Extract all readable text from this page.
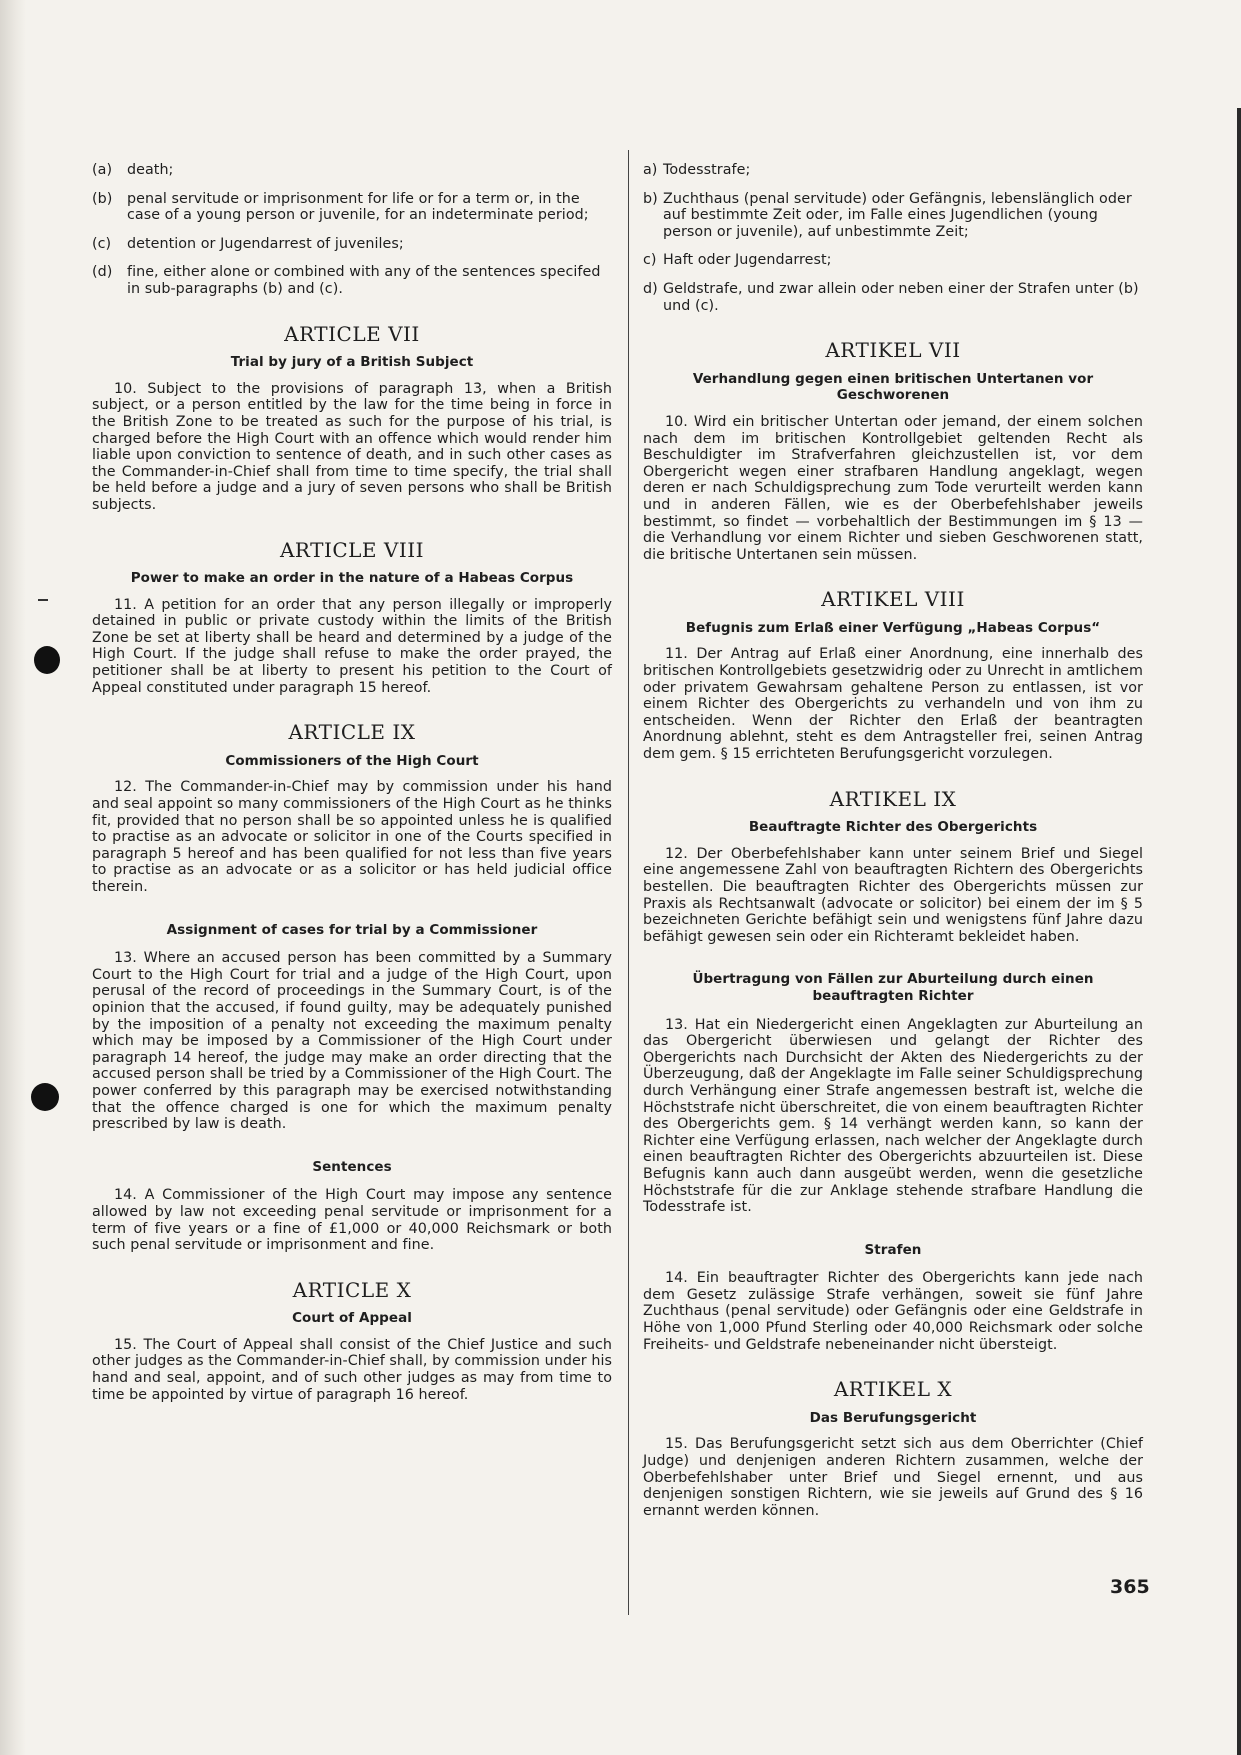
(a)	death;
(b)	penal servitude or imprisonment for life or for a term or, in the case of a young person or juvenile, for an indeterminate period;
(c)	detention or Jugendarrest of juveniles;
(d)	fine, either alone or combined with any of the sentences specifed in sub-paragraphs (b) and (c).
ARTICLE VII
Trial by jury of a British Subject

10. Subject to the provisions of paragraph 13, when a British subject, or a person entitled by the law for the time being in force in the British Zone to be treated as such for the purpose of his trial, is charged before the High Court with an offence which would render him liable upon conviction to sentence of death, and in such other cases as the Commander-in-Chief shall from time to time specify, the trial shall be held before a judge and a jury of seven persons who shall be British subjects.

ARTICLE VIII
Power to make an order in the nature of a Habeas Corpus

11. A petition for an order that any person illegally or improperly detained in public or private custody within the limits of the British Zone be set at liberty shall be heard and determined by a judge of the High Court. If the judge shall refuse to make the order prayed, the petitioner shall be at liberty to present his petition to the Court of Appeal constituted under paragraph 15 hereof.

ARTICLE IX
Commissioners of the High Court

12. The Commander-in-Chief may by commission under his hand and seal appoint so many commissioners of the High Court as he thinks fit, provided that no person shall be so appointed unless he is qualified to practise as an advocate or solicitor in one of the Courts specified in paragraph 5 hereof and has been qualified for not less than five years to practise as an advocate or as a solicitor or has held judicial office therein.

Assignment of cases for trial by a Commissioner

13. Where an accused person has been committed by a Summary Court to the High Court for trial and a judge of the High Court, upon perusal of the record of proceedings in the Summary Court, is of the opinion that the accused, if found guilty, may be adequately punished by the imposition of a penalty not exceeding the maximum penalty which may be imposed by a Commissioner of the High Court under paragraph 14 hereof, the judge may make an order directing that the accused person shall be tried by a Commissioner of the High Court. The power conferred by this paragraph may be exercised notwithstanding that the offence charged is one for which the maximum penalty prescribed by law is death.

Sentences

14. A Commissioner of the High Court may impose any sentence allowed by law not exceeding penal servitude or imprisonment for a term of five years or a fine of £1,000 or 40,000 Reichsmark or both such penal servitude or imprisonment and fine.

ARTICLE X
Court of Appeal

15. The Court of Appeal shall consist of the Chief Justice and such other judges as the Commander-in-Chief shall, by commission under his hand and seal, appoint, and of such other judges as may from time to time be appointed by virtue of paragraph 16 hereof.

a) Todesstrafe;
b) Zuchthaus (penal servitude) oder Gefängnis, lebenslänglich oder auf bestimmte Zeit oder, im Falle eines Jugendlichen (young person or juvenile), auf unbestimmte Zeit;
c) Haft oder Jugendarrest;
d) Geldstrafe, und zwar allein oder neben einer der Strafen unter (b) und (c).
ARTIKEL VII
Verhandlung gegen einen britischen Untertanen vor Geschworenen

10. Wird ein britischer Untertan oder jemand, der einem solchen nach dem im britischen Kontrollgebiet geltenden Recht als Beschuldigter im Strafverfahren gleichzustellen ist, vor dem Obergericht wegen einer strafbaren Handlung angeklagt, wegen deren er nach Schuldigsprechung zum Tode verurteilt werden kann und in anderen Fällen, wie es der Oberbefehlshaber jeweils bestimmt, so findet — vorbehaltlich der Bestimmungen im § 13 — die Verhandlung vor einem Richter und sieben Geschworenen statt, die britische Untertanen sein müssen.

ARTIKEL VIII
Befugnis zum Erlaß einer Verfügung „Habeas Corpus“

11. Der Antrag auf Erlaß einer Anordnung, eine innerhalb des britischen Kontrollgebiets gesetzwidrig oder zu Unrecht in amtlichem oder privatem Gewahrsam gehaltene Person zu entlassen, ist vor einem Richter des Obergerichts zu verhandeln und von ihm zu entscheiden. Wenn der Richter den Erlaß der beantragten Anordnung ablehnt, steht es dem Antragsteller frei, seinen Antrag dem gem. § 15 errichteten Berufungsgericht vorzulegen.

ARTIKEL IX
Beauftragte Richter des Obergerichts

12. Der Oberbefehlshaber kann unter seinem Brief und Siegel eine angemessene Zahl von beauftragten Richtern des Obergerichts bestellen. Die beauftragten Richter des Obergerichts müssen zur Praxis als Rechtsanwalt (advocate or solicitor) bei einem der im § 5 bezeichneten Gerichte befähigt sein und wenigstens fünf Jahre dazu befähigt gewesen sein oder ein Richteramt bekleidet haben.

Übertragung von Fällen zur Aburteilung durch einen beauftragten Richter

13. Hat ein Niedergericht einen Angeklagten zur Aburteilung an das Obergericht überwiesen und gelangt der Richter des Obergerichts nach Durchsicht der Akten des Niedergerichts zu der Überzeugung, daß der Angeklagte im Falle seiner Schuldigsprechung durch Verhängung einer Strafe angemessen bestraft ist, welche die Höchststrafe nicht überschreitet, die von einem beauftragten Richter des Obergerichts gem. § 14 verhängt werden kann, so kann der Richter eine Verfügung erlassen, nach welcher der Angeklagte durch einen beauftragten Richter des Obergerichts abzuurteilen ist. Diese Befugnis kann auch dann ausgeübt werden, wenn die gesetzliche Höchststrafe für die zur Anklage stehende strafbare Handlung die Todesstrafe ist.

Strafen

14. Ein beauftragter Richter des Obergerichts kann jede nach dem Gesetz zulässige Strafe verhängen, soweit sie fünf Jahre Zuchthaus (penal servitude) oder Gefängnis oder eine Geldstrafe in Höhe von 1,000 Pfund Sterling oder 40,000 Reichsmark oder solche Freiheits- und Geldstrafe nebeneinander nicht übersteigt.

ARTIKEL X
Das Berufungsgericht

15. Das Berufungsgericht setzt sich aus dem Oberrichter (Chief Judge) und denjenigen anderen Richtern zusammen, welche der Oberbefehlshaber unter Brief und Siegel ernennt, und aus denjenigen sonstigen Richtern, wie sie jeweils auf Grund des § 16 ernannt werden können.

365
